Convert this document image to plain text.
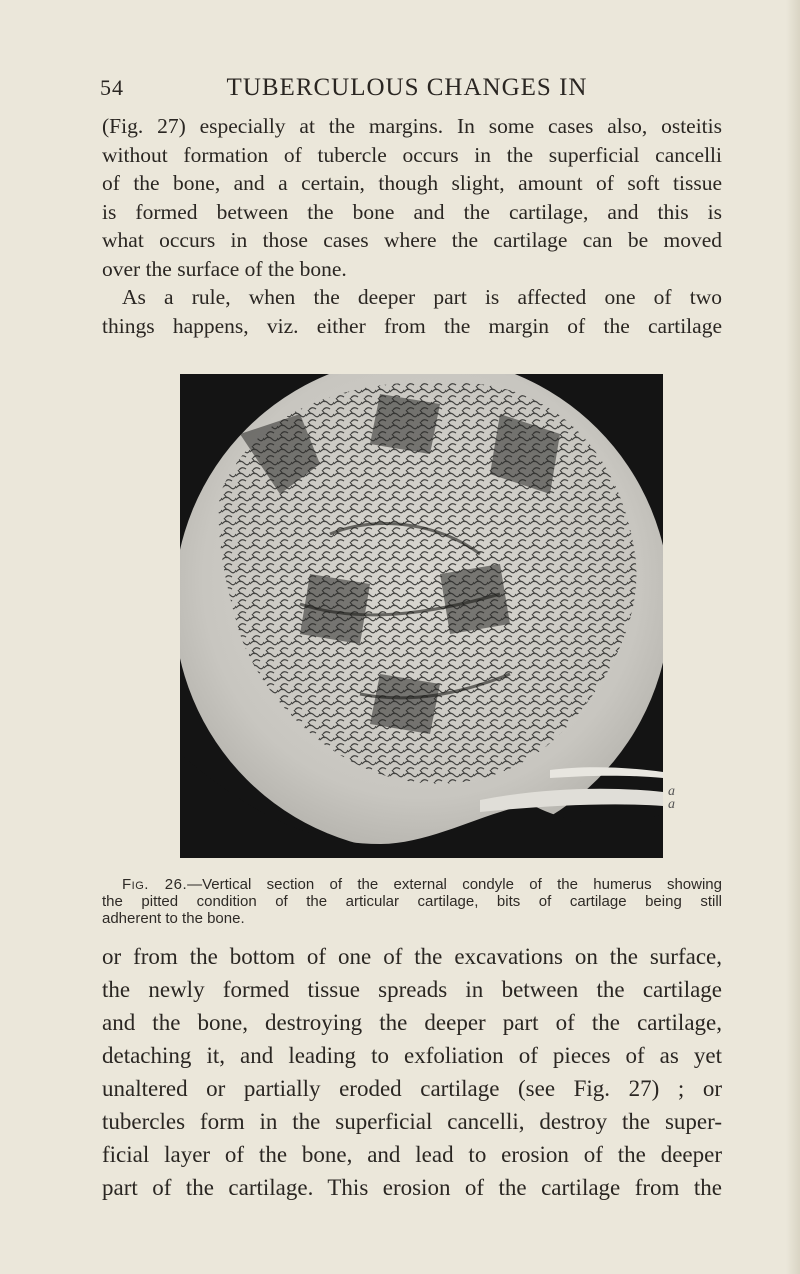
54	TUBERCULOUS CHANGES IN
(Fig. 27) especially at the margins. In some cases also, osteitis
without formation of tubercle occurs in the superficial cancelli
of the bone, and a certain, though slight, amount of soft tissue
is formed between the bone and the cartilage, and this is
what occurs in those cases where the cartilage can be moved
over the surface of the bone.
As a rule, when the deeper part is affected one of two
things happens, viz. either from the margin of the cartilage
a
a
Fig. 26.—Vertical section of the external condyle of the humerus showing
the pitted condition of the articular cartilage, bits of cartilage being still
adherent to the bone.
or from the bottom of one of the excavations on the surface,
the newly formed tissue spreads in between the cartilage
and the bone, destroying the deeper part of the cartilage,
detaching it, and leading to exfoliation of pieces of as yet
unaltered or partially eroded cartilage (see Fig. 27) ; or
tubercles form in the superficial cancelli, destroy the super-
ficial layer of the bone, and lead to erosion of the deeper
part of the cartilage. This erosion of the cartilage from the
